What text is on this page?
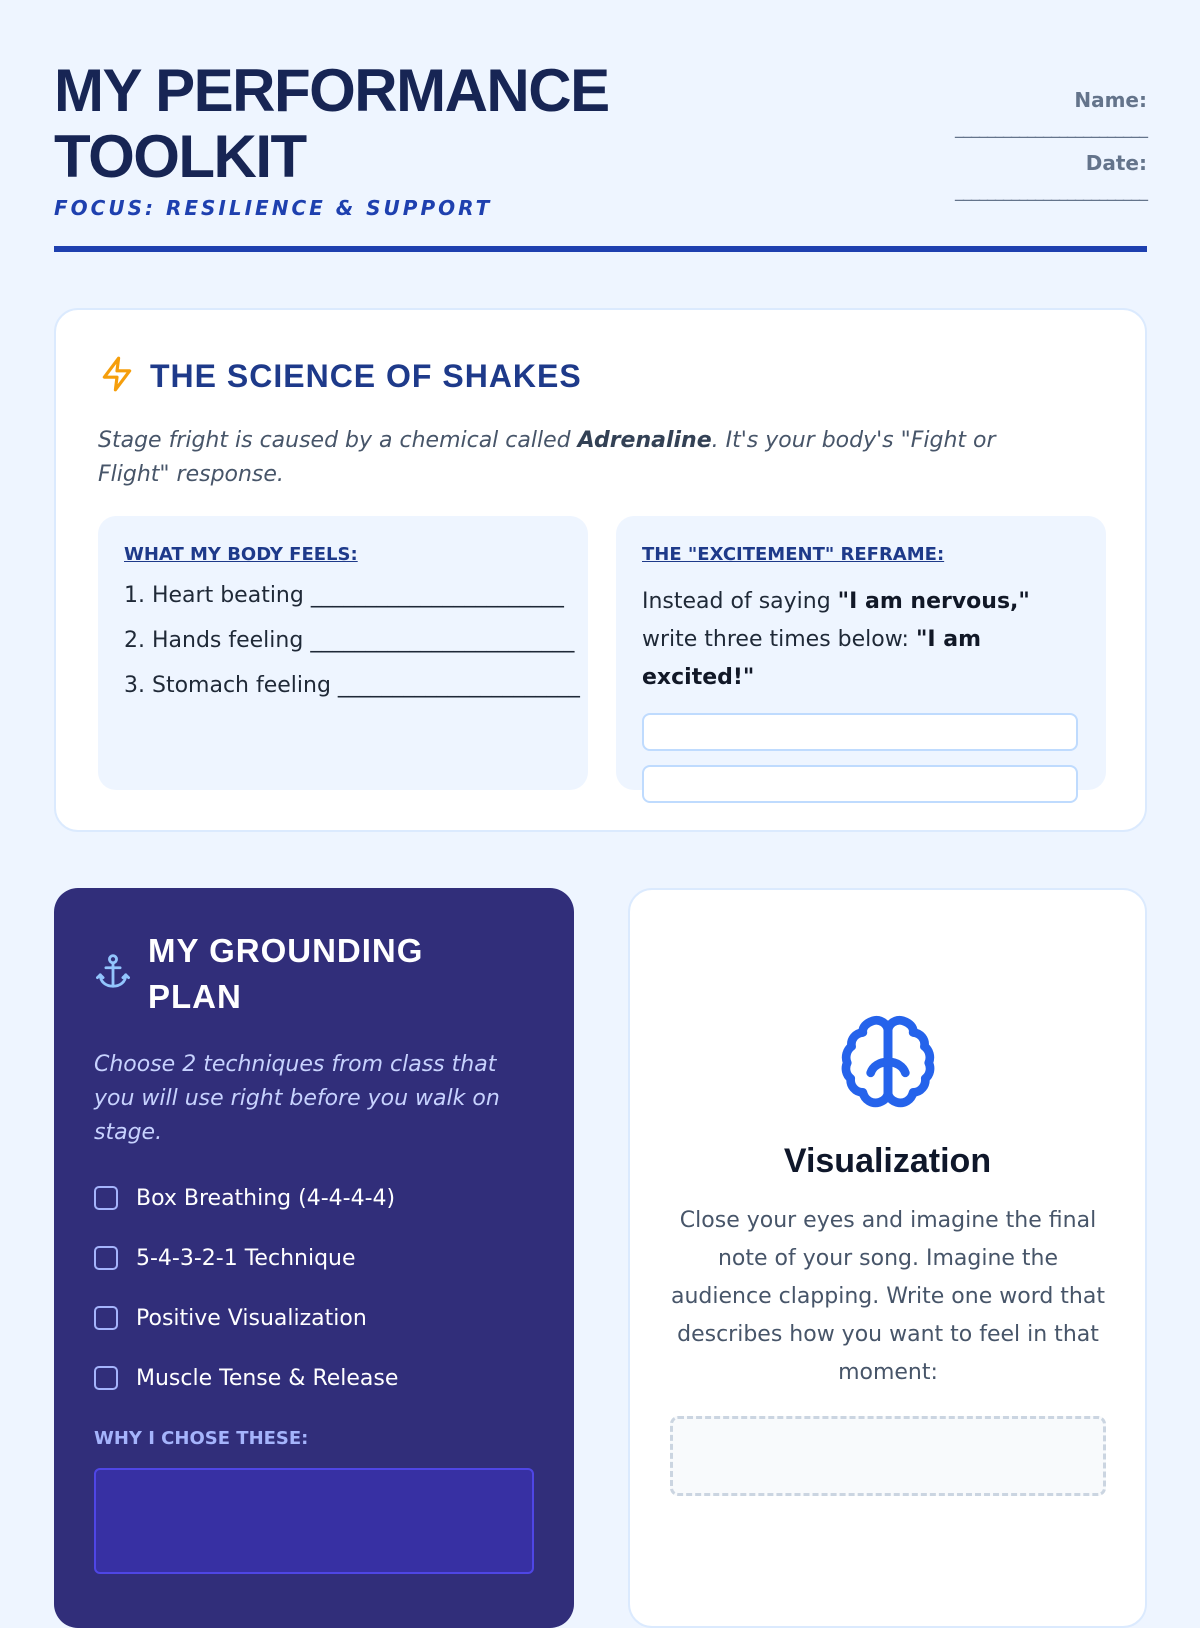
MY PERFORMANCE TOOLKIT
FOCUS: RESILIENCE & SUPPORT
Name:
________________________
Date:
________________________
THE SCIENCE OF SHAKES
Stage fright is caused by a chemical called Adrenaline. It's your body's "Fight or Flight" response.
WHAT MY BODY FEELS:
1. Heart beating _______________________
2. Hands feeling ________________________
3. Stomach feeling ______________________
THE "EXCITEMENT" REFRAME:
Instead of saying "I am nervous," write three times below: "I am excited!"
MY GROUNDING PLAN
Choose 2 techniques from class that you will use right before you walk on stage.
Box Breathing (4-4-4-4)
5-4-3-2-1 Technique
Positive Visualization
Muscle Tense & Release
WHY I CHOSE THESE:
Visualization
Close your eyes and imagine the final note of your song. Imagine the audience clapping. Write one word that describes how you want to feel in that moment:
